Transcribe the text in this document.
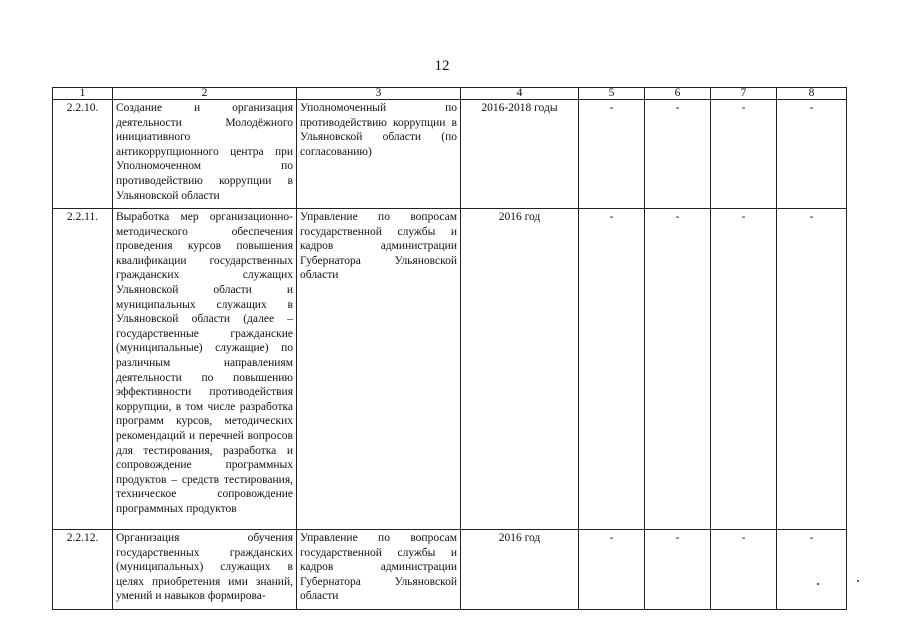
12
1	2	3	4	5	6	7	8
2.2.10.	Создание и организация деятельности Молодёжного инициативного антикоррупционного центра при Уполномоченном по противодействию коррупции в Ульяновской области	Уполномоченный по противодействию коррупции в Ульяновской области (по согласованию)	2016-2018 годы	-	-	-	-
2.2.11.	Выработка мер организационно-методического обеспечения проведения курсов повышения квалификации государственных гражданских служащих Ульяновской области и муниципальных служащих в Ульяновской области (далее – государственные гражданские (муниципальные) служащие) по различным направлениям деятельности по повышению эффективности противодействия коррупции, в том числе разработка программ курсов, методических рекомендаций и перечней вопросов для тестирования, разработка и сопровождение программных продуктов – средств тестирования, техническое сопровождение программных продуктов	Управление по вопросам государственной службы и кадров администрации Губернатора Ульяновской области	2016 год	-	-	-	-
2.2.12.	Организация обучения государственных гражданских (муниципальных) служащих в целях приобретения ими знаний, умений и навыков формирова-	Управление по вопросам государственной службы и кадров администрации Губернатора Ульяновской области	2016 год	-	-	-	-
